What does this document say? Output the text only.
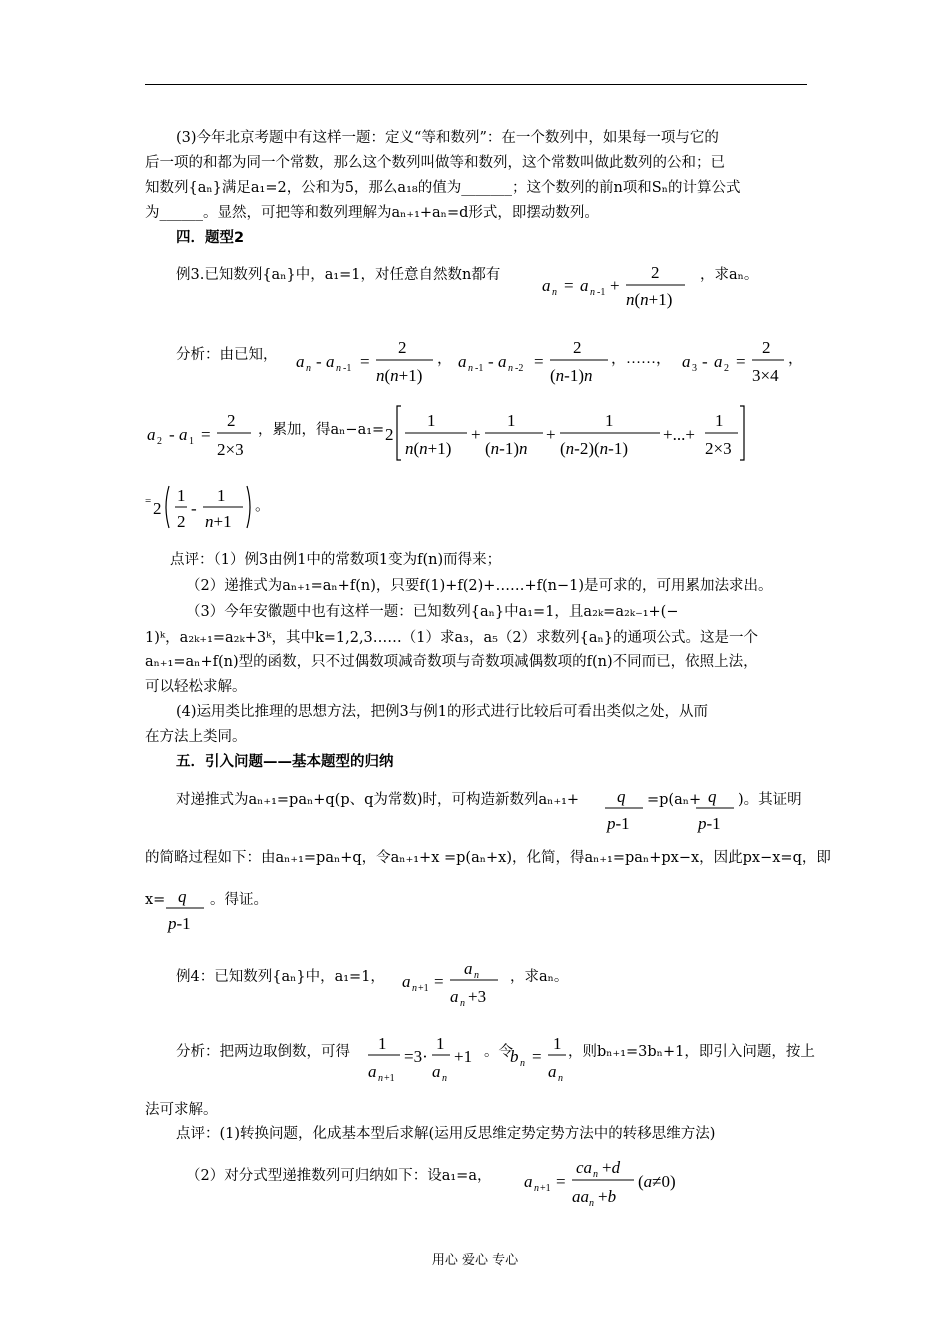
(3)今年北京考题中有这样一题：定义“等和数列”：在一个数列中，如果每一项与它的
后一项的和都为同一个常数，那么这个数列叫做等和数列，这个常数叫做此数列的公和；已
知数列{aₙ}满足a₁=2，公和为5，那么a₁₈的值为_______；这个数列的前n项和Sₙ的计算公式
为______。显然，可把等和数列理解为aₙ₊₁+aₙ=d形式，即摆动数列。
四．题型2
例3.已知数列{aₙ}中，a₁=1，对任意自然数n都有
a n = a n -1 +
2
n(n+1)
，求aₙ。
分析：由已知， a n - a n -1 =
2
n(n+1)
， a n -1 - a n -2 =
2
(n-1)n
，……， a 3 - a 2 =
2
3×4
，
a 2 - a 1 =
2
2×3
，累加，得aₙ−a₁= 2
1
n(n+1)
+
1
(n-1)n
+
1
(n-2)(n-1)
+...+
1
2×3
= 2
1
2
-
1
n+1
。
点评：（1）例3由例1中的常数项1变为f(n)而得来；
（2）递推式为aₙ₊₁=aₙ+f(n)，只要f(1)+f(2)+……+f(n−1)是可求的，可用累加法求出。
（3）今年安徽题中也有这样一题：已知数列{aₙ}中a₁=1，且a₂ₖ=a₂ₖ₋₁+(−
1)ᵏ，a₂ₖ₊₁=a₂ₖ+3ᵏ，其中k=1,2,3……（1）求a₃，a₅（2）求数列{aₙ}的通项公式。这是一个
aₙ₊₁=aₙ+f(n)型的函数，只不过偶数项减奇数项与奇数项减偶数项的f(n)不同而已，依照上法，
可以轻松求解。
(4)运用类比推理的思想方法，把例3与例1的形式进行比较后可看出类似之处，从而
在方法上类同。
五．引入问题——基本题型的归纳
对递推式为aₙ₊₁=paₙ+q(p、q为常数)时，可构造新数列aₙ₊₁+ q
p-1
=p(aₙ+ q
p-1
)。其证明
的简略过程如下：由aₙ₊₁=paₙ+q，令aₙ₊₁+x =p(aₙ+x)，化简，得aₙ₊₁=paₙ+px−x，因此px−x=q，即
x= q
p-1
。得证。
例4：已知数列{aₙ}中，a₁=1， a n +1 =
a n
a n +3
，求aₙ。
分析：把两边取倒数，可得 1
a n +1
=3·
1
a n
+1 。令
b n =
1
a n
，则bₙ₊₁=3bₙ+1，即引入问题，按上
法可求解。
点评：(1)转换问题，化成基本型后求解(运用反思维定势定势方法中的转移思维方法)
（2）对分式型递推数列可归纳如下：设a₁=a， a n +1 =
ca n +d
aa n +b
(a≠0)
用心 爱心 专心
